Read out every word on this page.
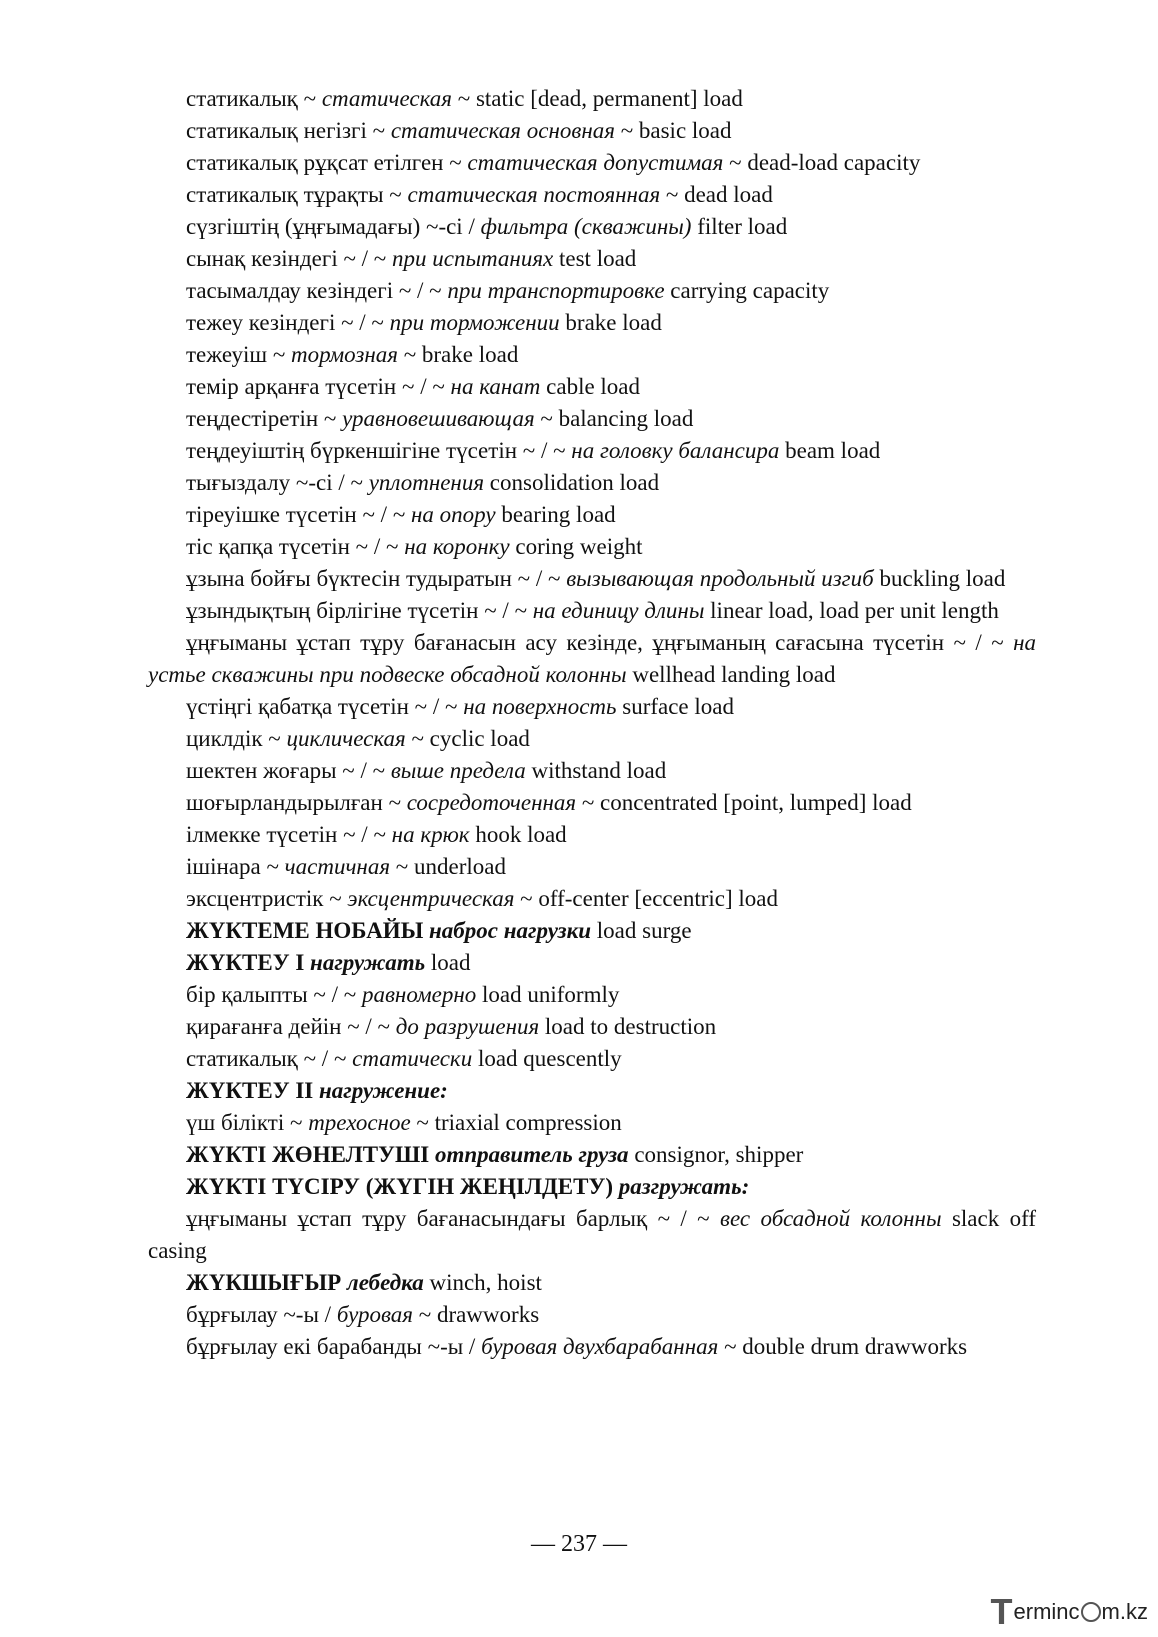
статикалық ~ статическая ~ static [dead, permanent] load

статикалық негізгі ~ статическая основная ~ basic load

статикалық рұқсат етілген ~ статическая допустимая ~ dead-load capacity

статикалық тұрақты ~ статическая постоянная ~ dead load

сүзгіштің (ұңғымадағы) ~-сі / фильтра (скважины) filter load

сынақ кезіндегі ~ / ~ при испытаниях test load

тасымалдау кезіндегі ~ / ~ при транспортировке carrying capacity

тежеу кезіндегі ~ / ~ при торможении brake load

тежеуіш ~ тормозная ~ brake load

темір арқанға түсетін ~ / ~ на канат cable load

теңдестіретін ~ уравновешивающая ~ balancing load

теңдеуіштің бүркеншігіне түсетін ~ / ~ на головку балансира beam load

тығыздалу ~-сі / ~ уплотнения consolidation load

тіреуішке түсетін ~ / ~ на опору bearing load

тіс қапқа түсетін ~ / ~ на коронку coring weight

ұзына бойғы бүктесін тудыратын ~ / ~ вызывающая продольный изгиб buckling load

ұзындықтың бірлігіне түсетін ~ / ~ на единицу длины linear load, load per unit length

ұңғыманы ұстап тұру бағанасын асу кезінде, ұңғыманың сағасына түсетін ~ / ~ на устье скважины при подвеске обсадной колонны wellhead landing load

үстіңгі қабатқа түсетін ~ / ~ на поверхность surface load

циклдік ~ циклическая ~ cyclic load

шектен жоғары ~ / ~ выше предела withstand load

шоғырландырылған ~ сосредоточенная ~ concentrated [point, lumped] load

ілмекке түсетін ~ / ~ на крюк hook load

ішінара ~ частичная ~ underload

эксцентристік ~ эксцентрическая ~ off-center [eccentric] load

ЖҮКТЕМЕ НОБАЙЫ наброс нагрузки load surge

ЖҮКТЕУ I нагружать load

бір қалыпты ~ / ~ равномерно load uniformly

қирағанға дейін ~ / ~ до разрушения load to destruction

статикалық ~ / ~ статически load quescently

ЖҮКТЕУ II нагружение:

үш білікті ~ трехосное ~ triaxial compression

ЖҮКТІ ЖӨНЕЛТУШІ отправитель груза consignor, shipper

ЖҮКТІ ТҮСІРУ (ЖҮГІН ЖЕҢІЛДЕТУ) разгружать:

ұңғыманы ұстап тұру бағанасындағы барлық ~ / ~ вес обсадной колонны slack off casing

ЖҮКШЫҒЫР лебедка winch, hoist

бұрғылау ~-ы / буровая ~ drawworks

бұрғылау екі барабанды ~-ы / буровая двухбарабанная ~ double drum drawworks

— 237 —
T erminc m.kz
